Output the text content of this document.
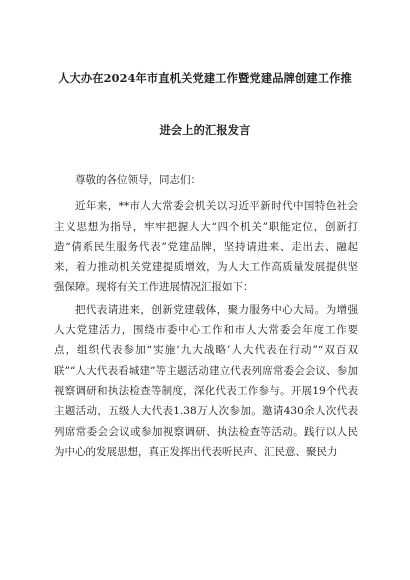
人大办在2024年市直机关党建工作暨党建品牌创建工作推
进会上的汇报发言

尊敬的各位领导，同志们：

近年来，**市人大常委会机关以习近平新时代中国特色社会主义思想为指导，牢牢把握人大“四个机关”职能定位，创新打造“倩系民生服务代表”党建品牌，坚持请进来、走出去、融起来，着力推动机关党建提质增效，为人大工作高质量发展提供坚强保障。现将有关工作进展情况汇报如下：

把代表请进来，创新党建载体，聚力服务中心大局。为增强人大党建活力，围绕市委中心工作和市人大常委会年度工作要点，组织代表参加“实施‘九大战略’人大代表在行动”“双百双联”“人大代表看城建”等主题活动建立代表列席常委会会议、参加视察调研和执法检查等制度，深化代表工作参与。开展19个代表主题活动，五级人大代表1.38万人次参加。邀请430余人次代表列席常委会会议或参加视察调研、执法检查等活动。践行以人民为中心的发展思想，真正发挥出代表听民声、汇民意、聚民力
